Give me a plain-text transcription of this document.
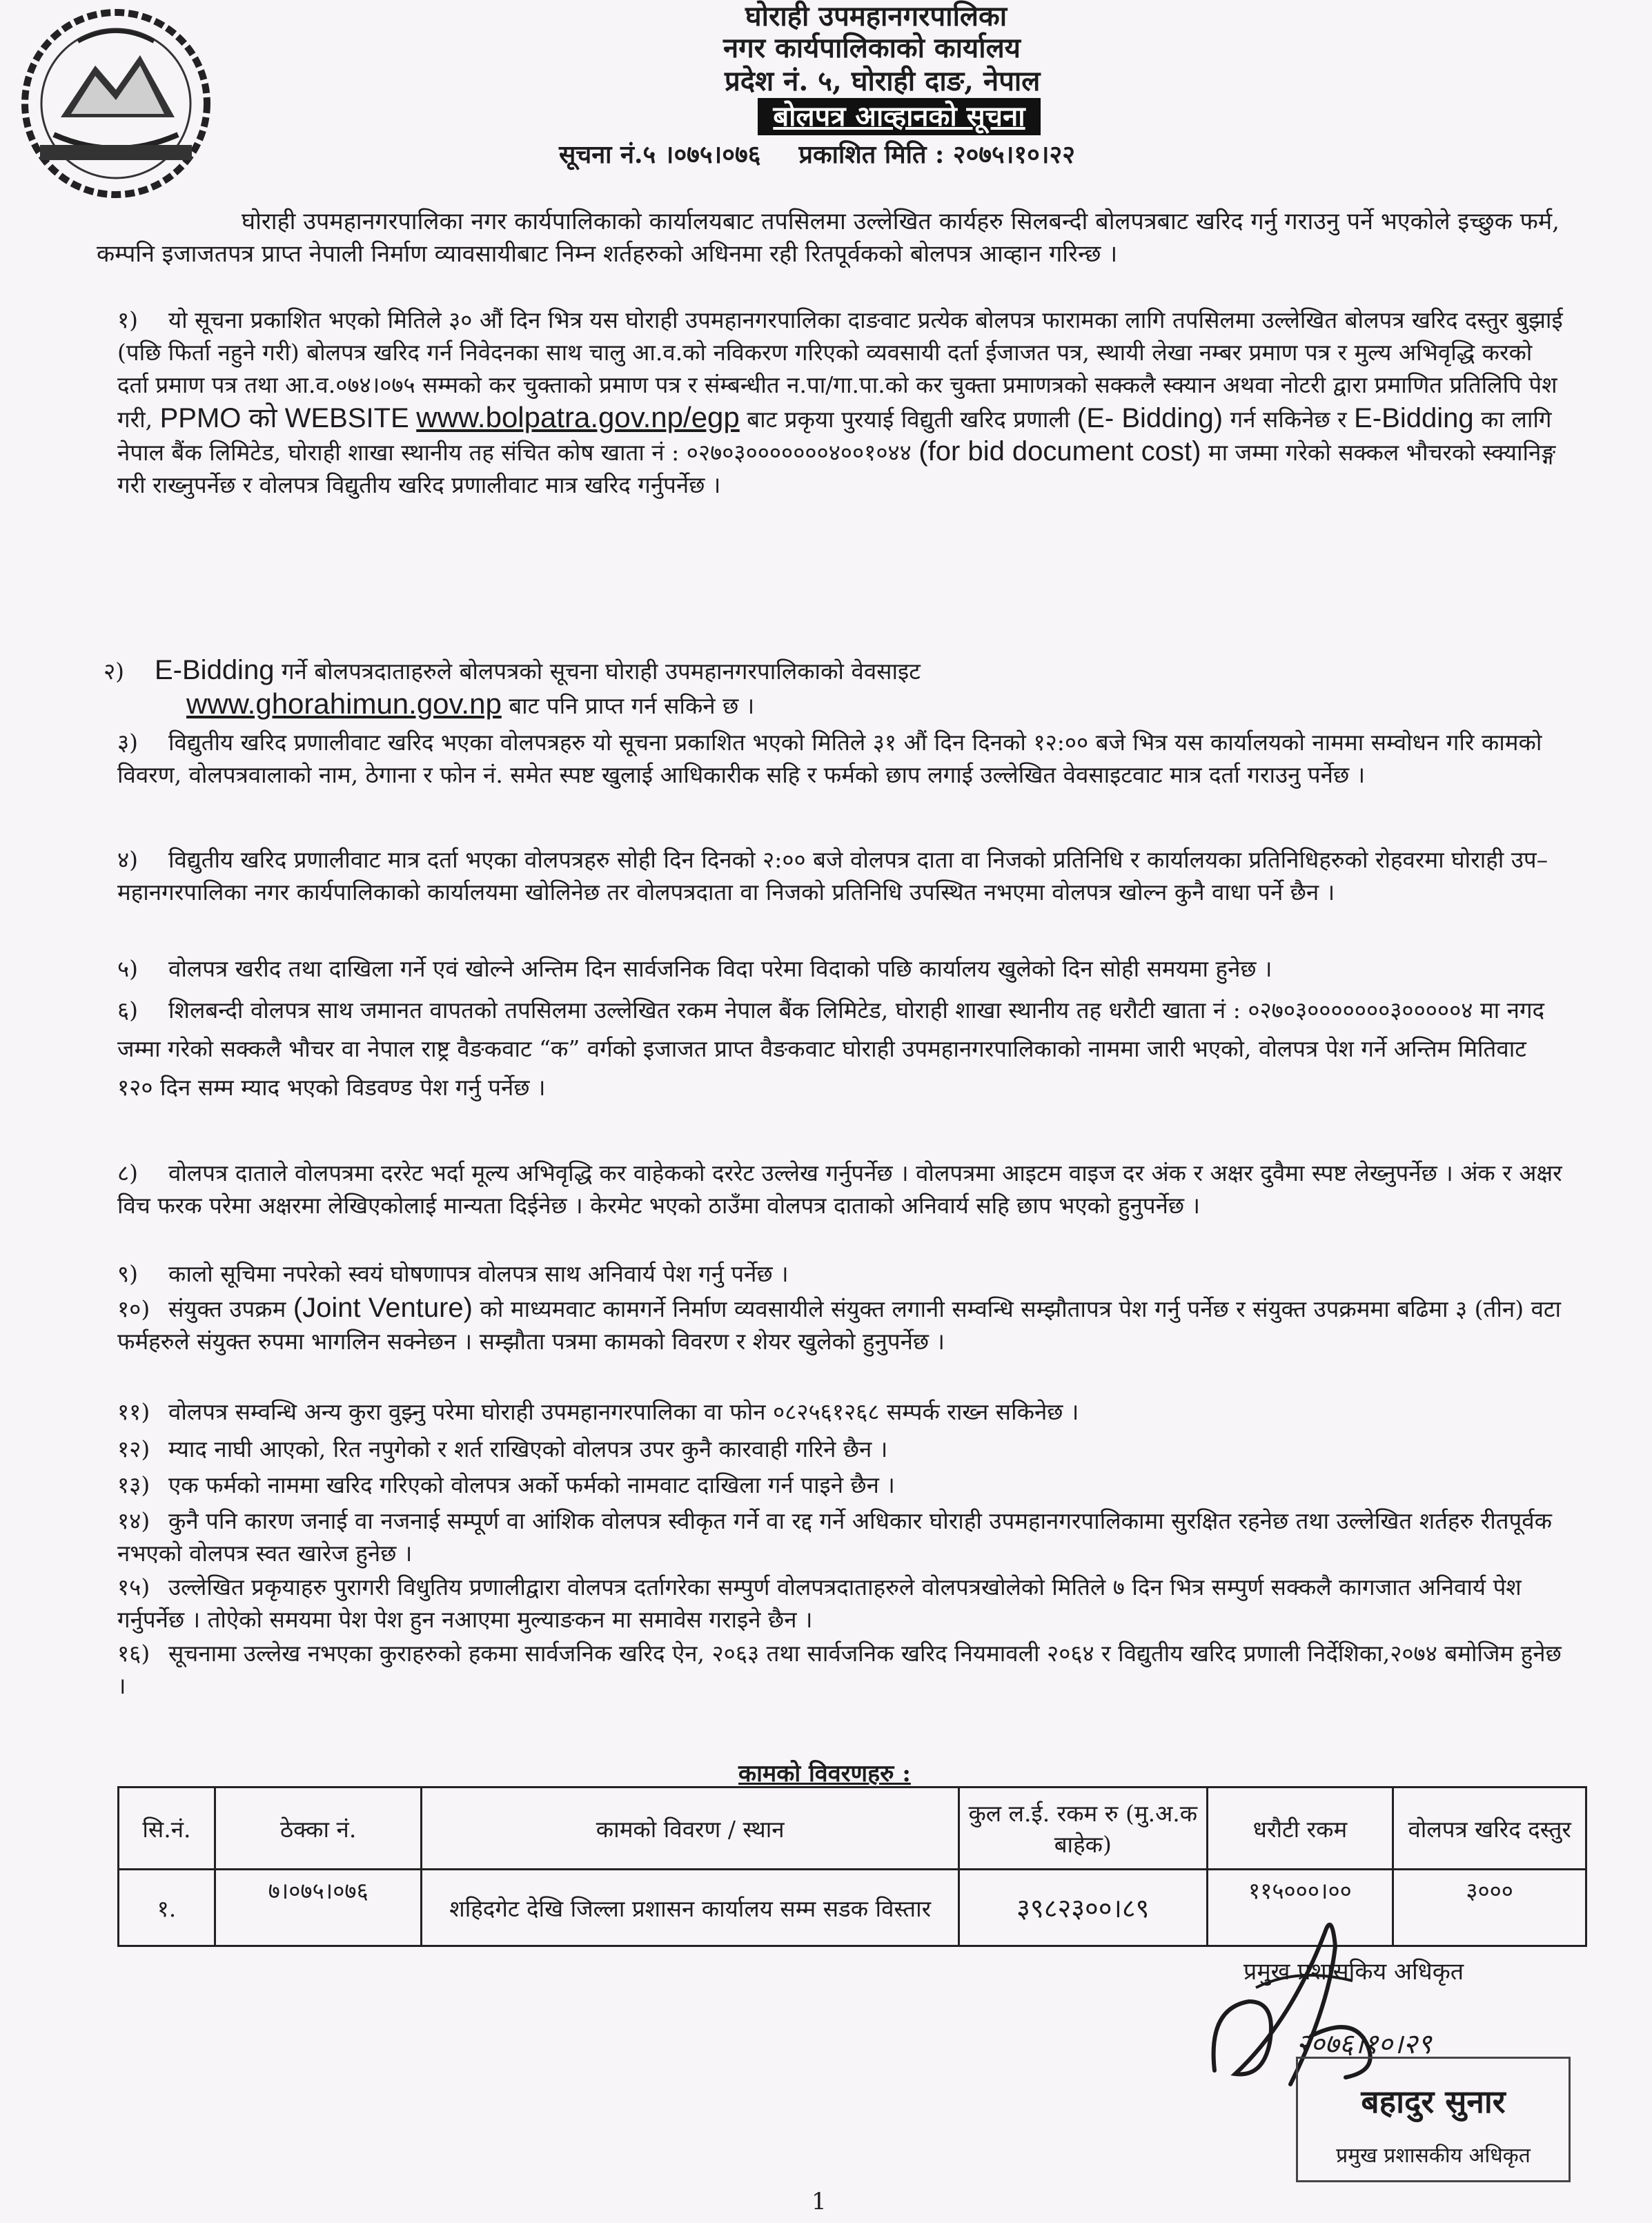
घोराही उपमहानगरपालिका
नगर कार्यपालिकाको कार्यालय
प्रदेश नं. ५, घोराही दाङ, नेपाल
बोलपत्र आव्हानको सूचना
सूचना नं.५ ।०७५।०७६ प्रकाशित मिति : २०७५।१०।२२
घोराही उपमहानगरपालिका नगर कार्यपालिकाको कार्यालयबाट तपसिलमा उल्लेखित कार्यहरु सिलबन्दी बोलपत्रबाट खरिद गर्नु गराउनु पर्ने भएकोले इच्छुक फर्म, कम्पनि इजाजतपत्र प्राप्त नेपाली निर्माण व्यावसायीबाट निम्न शर्तहरुको अधिनमा रही रितपूर्वकको बोलपत्र आव्हान गरिन्छ ।
१) यो सूचना प्रकाशित भएको मितिले ३० औं दिन भित्र यस घोराही उपमहानगरपालिका दाङवाट प्रत्येक बोलपत्र फारामका लागि तपसिलमा उल्लेखित बोलपत्र खरिद दस्तुर बुझाई (पछि फिर्ता नहुने गरी) बोलपत्र खरिद गर्न निवेदनका साथ चालु आ.व.को नविकरण गरिएको व्यवसायी दर्ता ईजाजत पत्र, स्थायी लेखा नम्बर प्रमाण पत्र र मुल्य अभिवृद्धि करको दर्ता प्रमाण पत्र तथा आ.व.०७४।०७५ सम्मको कर चुक्ताको प्रमाण पत्र र संम्बन्धीत न.पा/गा.पा.को कर चुक्ता प्रमाणत्रको सक्कलै स्क्यान अथवा नोटरी द्वारा प्रमाणित प्रतिलिपि पेश गरी, PPMO को WEBSITE www.bolpatra.gov.np/egp बाट प्रकृया पुरयाई विद्युती खरिद प्रणाली (E- Bidding) गर्न सकिनेछ र E-Bidding का लागि नेपाल बैंक लिमिटेड, घोराही शाखा स्थानीय तह संचित कोष खाता नं : ०२७०३०००००००४००१०४४ (for bid document cost) मा जम्मा गरेको सक्कल भौचरको स्क्यानिङ्ग गरी राख्नुपर्नेछ र वोलपत्र विद्युतीय खरिद प्रणालीवाट मात्र खरिद गर्नुपर्नेछ ।
२) E-Bidding गर्ने बोलपत्रदाताहरुले बोलपत्रको सूचना घोराही उपमहानगरपालिकाको वेवसाइट
www.ghorahimun.gov.np बाट पनि प्राप्त गर्न सकिने छ ।
३) विद्युतीय खरिद प्रणालीवाट खरिद भएका वोलपत्रहरु यो सूचना प्रकाशित भएको मितिले ३१ औं दिन दिनको १२:०० बजे भित्र यस कार्यालयको नाममा सम्वोधन गरि कामको विवरण, वोलपत्रवालाको नाम, ठेगाना र फोन नं. समेत स्पष्ट खुलाई आधिकारीक सहि र फर्मको छाप लगाई उल्लेखित वेवसाइटवाट मात्र दर्ता गराउनु पर्नेछ ।
४) विद्युतीय खरिद प्रणालीवाट मात्र दर्ता भएका वोलपत्रहरु सोही दिन दिनको २:०० बजे वोलपत्र दाता वा निजको प्रतिनिधि र कार्यालयका प्रतिनिधिहरुको रोहवरमा घोराही उप–महानगरपालिका नगर कार्यपालिकाको कार्यालयमा खोलिनेछ तर वोलपत्रदाता वा निजको प्रतिनिधि उपस्थित नभएमा वोलपत्र खोल्न कुनै वाधा पर्ने छैन ।
५) वोलपत्र खरीद तथा दाखिला गर्ने एवं खोल्ने अन्तिम दिन सार्वजनिक विदा परेमा विदाको पछि कार्यालय खुलेको दिन सोही समयमा हुनेछ ।
६) शिलबन्दी वोलपत्र साथ जमानत वापतको तपसिलमा उल्लेखित रकम नेपाल बैंक लिमिटेड, घोराही शाखा स्थानीय तह धरौटी खाता नं : ०२७०३०००००००३०००००४ मा नगद जम्मा गरेको सक्कलै भौचर वा नेपाल राष्ट्र वैङकवाट “क” वर्गको इजाजत प्राप्त वैङकवाट घोराही उपमहानगरपालिकाको नाममा जारी भएको, वोलपत्र पेश गर्ने अन्तिम मितिवाट १२० दिन सम्म म्याद भएको विडवण्ड पेश गर्नु पर्नेछ ।
८) वोलपत्र दाताले वोलपत्रमा दररेट भर्दा मूल्य अभिवृद्धि कर वाहेकको दररेट उल्लेख गर्नुपर्नेछ । वोलपत्रमा आइटम वाइज दर अंक र अक्षर दुवैमा स्पष्ट लेख्नुपर्नेछ । अंक र अक्षर विच फरक परेमा अक्षरमा लेखिएकोलाई मान्यता दिईनेछ । केरमेट भएको ठाउँमा वोलपत्र दाताको अनिवार्य सहि छाप भएको हुनुपर्नेछ ।
९) कालो सूचिमा नपरेको स्वयं घोषणापत्र वोलपत्र साथ अनिवार्य पेश गर्नु पर्नेछ ।
१०) संयुक्त उपक्रम (Joint Venture) को माध्यमवाट कामगर्ने निर्माण व्यवसायीले संयुक्त लगानी सम्वन्धि सम्झौतापत्र पेश गर्नु पर्नेछ र संयुक्त उपक्रममा बढिमा ३ (तीन) वटा फर्महरुले संयुक्त रुपमा भागलिन सक्नेछन । सम्झौता पत्रमा कामको विवरण र शेयर खुलेको हुनुपर्नेछ ।
११) वोलपत्र सम्वन्धि अन्य कुरा वुझ्नु परेमा घोराही उपमहानगरपालिका वा फोन ०८२५६१२६८ सम्पर्क राख्न सकिनेछ ।
१२) म्याद नाघी आएको, रित नपुगेको र शर्त राखिएको वोलपत्र उपर कुनै कारवाही गरिने छैन ।
१३) एक फर्मको नाममा खरिद गरिएको वोलपत्र अर्को फर्मको नामवाट दाखिला गर्न पाइने छैन ।
१४) कुनै पनि कारण जनाई वा नजनाई सम्पूर्ण वा आंशिक वोलपत्र स्वीकृत गर्ने वा रद्द गर्ने अधिकार घोराही उपमहानगरपालिकामा सुरक्षित रहनेछ तथा उल्लेखित शर्तहरु रीतपूर्वक नभएको वोलपत्र स्वत खारेज हुनेछ ।
१५) उल्लेखित प्रकृयाहरु पुरागरी विधुतिय प्रणालीद्वारा वोलपत्र दर्तागरेका सम्पुर्ण वोलपत्रदाताहरुले वोलपत्रखोलेको मितिले ७ दिन भित्र सम्पुर्ण सक्कलै कागजात अनिवार्य पेश गर्नुपर्नेछ । तोऐको समयमा पेश पेश हुन नआएमा मुल्याङकन मा समावेस गराइने छैन ।
१६) सूचनामा उल्लेख नभएका कुराहरुको हकमा सार्वजनिक खरिद ऐन, २०६३ तथा सार्वजनिक खरिद नियमावली २०६४ र विद्युतीय खरिद प्रणाली निर्देशिका,२०७४ बमोजिम हुनेछ ।
कामको विवरणहरु :
सि.नं.	ठेक्का नं.	कामको विवरण / स्थान	कुल ल.ई. रकम रु (मु.अ.क बाहेक)	धरौटी रकम	वोलपत्र खरिद दस्तुर
१.	७।०७५।०७६	शहिदगेट देखि जिल्ला प्रशासन कार्यालय सम्म सडक विस्तार	३९८२३००।८९	११५०००।००	३०००
प्रमुख प्रशासकिय अधिकृत
२०७६।१०।२९
बहादुर सुनार
प्रमुख प्रशासकीय अधिकृत
1
